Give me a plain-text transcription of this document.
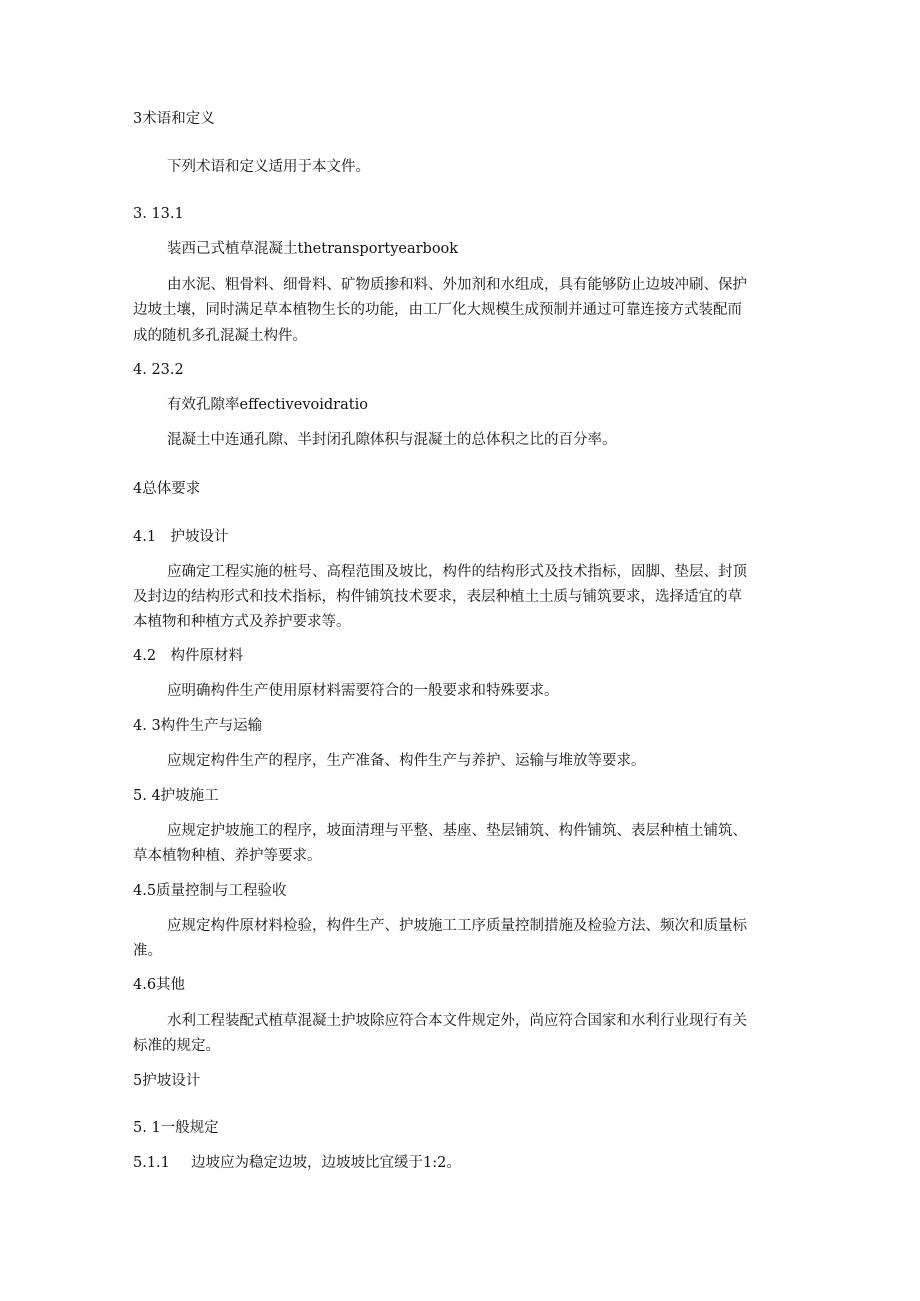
3术语和定义

下列术语和定义适用于本文件。

3. 13.1

装西己式植草混凝土thetransportyearbook

由水泥、粗骨料、细骨料、矿物质掺和料、外加剂和水组成，具有能够防止边坡冲刷、保护

边坡土壤，同时满足草本植物生长的功能，由工厂化大规模生成预制并通过可靠连接方式装配而

成的随机多孔混凝土构件。

4. 23.2

有效孔隙率effectivevoidratio

混凝土中连通孔隙、半封闭孔隙体积与混凝土的总体积之比的百分率。

4总体要求

4.1　护坡设计

应确定工程实施的桩号、高程范围及坡比，构件的结构形式及技术指标，固脚、垫层、封顶

及封边的结构形式和技术指标，构件铺筑技术要求，表层种植土土质与铺筑要求，选择适宜的草

本植物和种植方式及养护要求等。

4.2　构件原材料

应明确构件生产使用原材料需要符合的一般要求和特殊要求。

4. 3构件生产与运输

应规定构件生产的程序，生产准备、构件生产与养护、运输与堆放等要求。

5. 4护坡施工

应规定护坡施工的程序，坡面清理与平整、基座、垫层铺筑、构件铺筑、表层种植土铺筑、

草本植物种植、养护等要求。

4.5质量控制与工程验收

应规定构件原材料检验，构件生产、护坡施工工序质量控制措施及检验方法、频次和质量标

准。

4.6其他

水利工程装配式植草混凝土护坡除应符合本文件规定外，尚应符合国家和水利行业现行有关

标准的规定。

5护坡设计

5. 1一般规定

5.1.1 边坡应为稳定边坡，边坡坡比宜缓于1:2。
